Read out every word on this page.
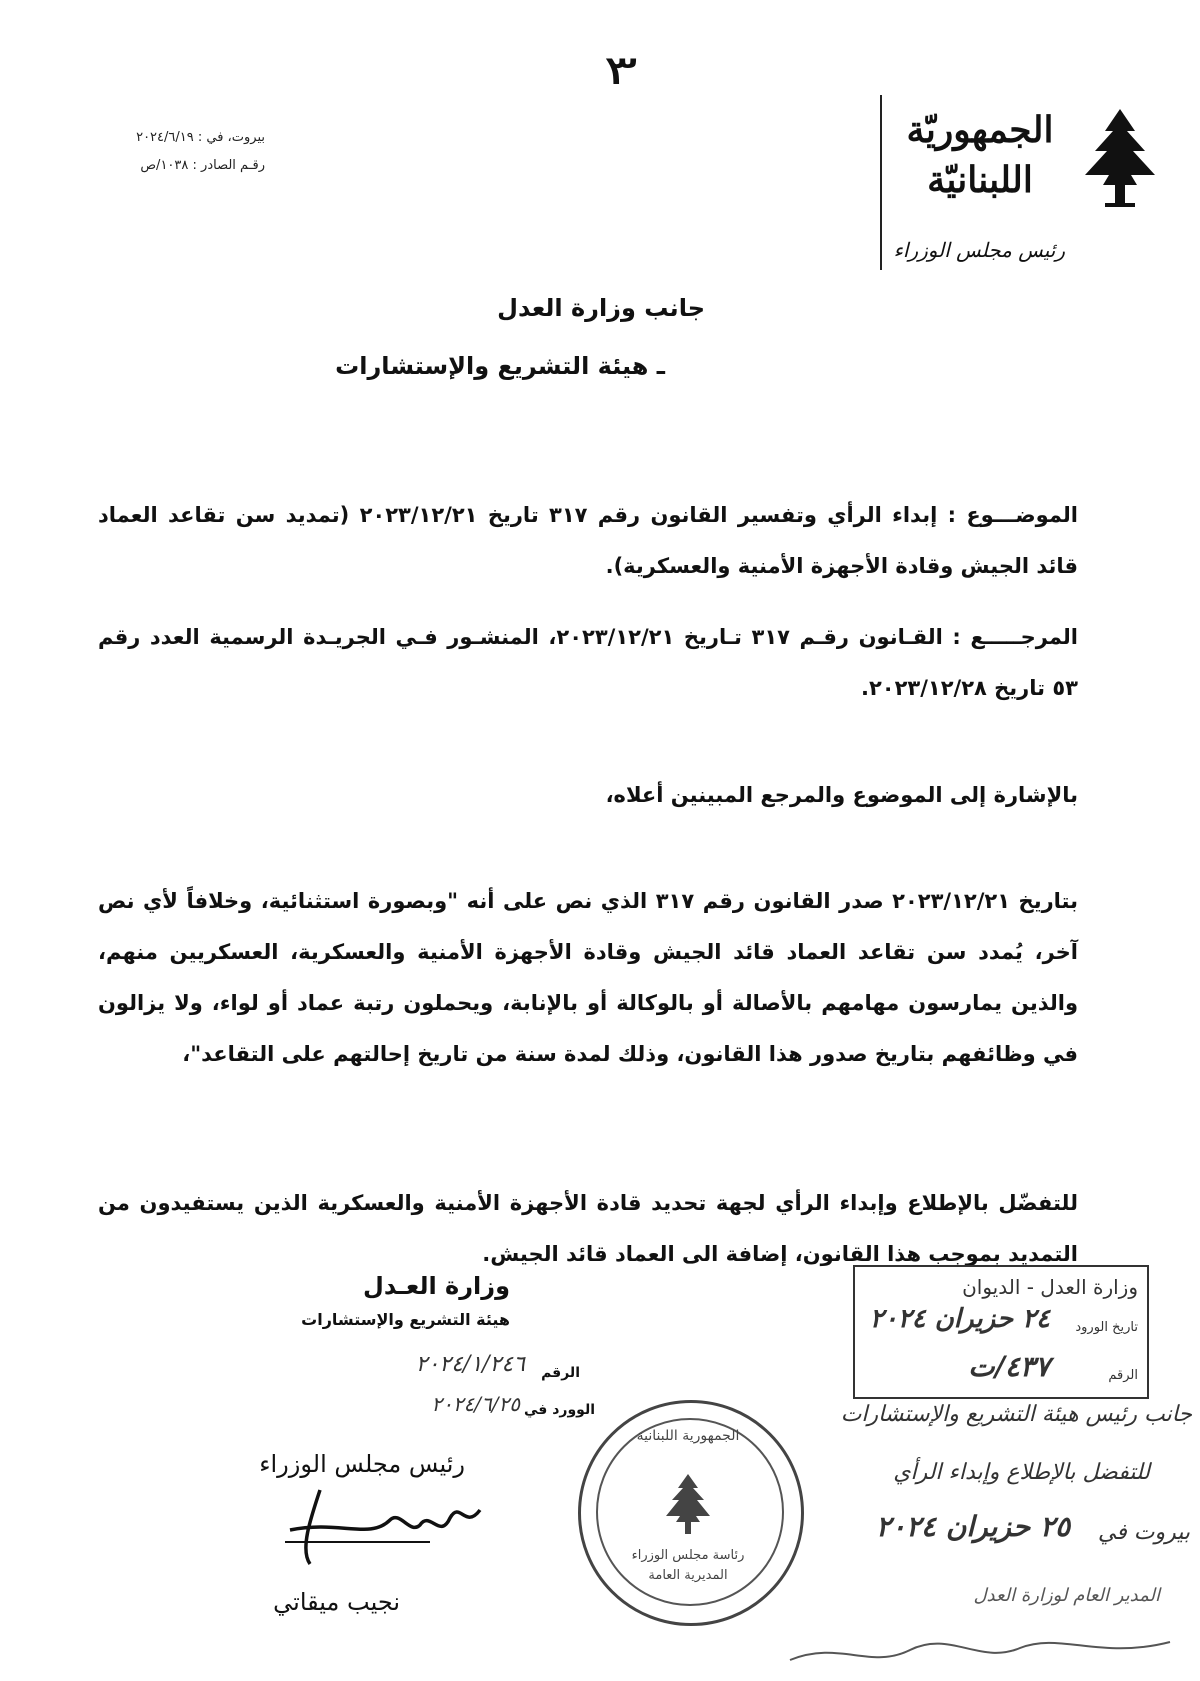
٣
الجمهوريّة
اللبنانيّة
رئيس مجلس الوزراء
بيروت، في : ٢٠٢٤/٦/١٩
رقـم الصادر : ١٠٣٨/ص
جانب وزارة العدل
ـ هيئة التشريع والإستشارات
الموضـــوع : إبداء الرأي وتفسير القانون رقم ٣١٧ تاريخ ٢٠٢٣/١٢/٢١ (تمديد سن تقاعد العماد قائد الجيش وقادة الأجهزة الأمنية والعسكرية).
المرجـــــع : القـانون رقـم ٣١٧ تـاريخ ٢٠٢٣/١٢/٢١، المنشـور فـي الجريـدة الرسمية العدد رقم ٥٣ تاريخ ٢٠٢٣/١٢/٢٨.
بالإشارة إلى الموضوع والمرجع المبينين أعلاه،
بتاريخ ٢٠٢٣/١٢/٢١ صدر القانون رقم ٣١٧ الذي نص على أنه "وبصورة استثنائية، وخلافاً لأي نص آخر، يُمدد سن تقاعد العماد قائد الجيش وقادة الأجهزة الأمنية والعسكرية، العسكريين منهم، والذين يمارسون مهامهم بالأصالة أو بالوكالة أو بالإنابة، ويحملون رتبة عماد أو لواء، ولا يزالون في وظائفهم بتاريخ صدور هذا القانون، وذلك لمدة سنة من تاريخ إحالتهم على التقاعد"،
للتفضّل بالإطلاع وإبداء الرأي لجهة تحديد قادة الأجهزة الأمنية والعسكرية الذين يستفيدون من التمديد بموجب هذا القانون، إضافة الى العماد قائد الجيش.
وزارة العـدل
هيئة التشريع والإستشارات
الرقم
٢٠٢٤/١/٢٤٦
الوورد في
٢٠٢٤/٦/٢٥
رئيس مجلس الوزراء
نجيب ميقاتي
وزارة العدل - الديوان
تاريخ الورود
٢٤ حزيران ٢٠٢٤
الرقم
٤٣٧/ت
الجمهورية اللبنانية
رئاسة مجلس الوزراء
المديرية العامة
جانب رئيس هيئة التشريع والإستشارات
للتفضل بالإطلاع وإبداء الرأي
بيروت في
٢٥ حزيران ٢٠٢٤
المدير العام لوزارة العدل
